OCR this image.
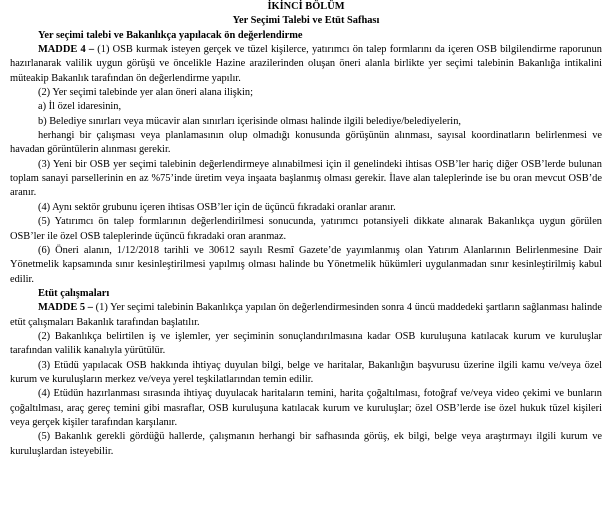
İKİNCİ BÖLÜM
Yer Seçimi Talebi ve Etüt Safhası
Yer seçimi talebi ve Bakanlıkça yapılacak ön değerlendirme

MADDE 4 – (1) OSB kurmak isteyen gerçek ve tüzel kişilerce, yatırımcı ön talep formlarını da içeren OSB bilgilendirme raporunun hazırlanarak valilik uygun görüşü ve öncelikle Hazine arazilerinden oluşan öneri alanla birlikte yer seçimi talebinin Bakanlığa intikalini müteakip Bakanlık tarafından ön değerlendirme yapılır.

(2) Yer seçimi talebinde yer alan öneri alana ilişkin;

a) İl özel idaresinin,

b) Belediye sınırları veya mücavir alan sınırları içerisinde olması halinde ilgili belediye/belediyelerin,

herhangi bir çalışması veya planlamasının olup olmadığı konusunda görüşünün alınması, sayısal koordinatların belirlenmesi ve havadan görüntülerin alınması gerekir.

(3) Yeni bir OSB yer seçimi talebinin değerlendirmeye alınabilmesi için il genelindeki ihtisas OSB’ler hariç diğer OSB’lerde bulunan toplam sanayi parsellerinin en az %75’inde üretim veya inşaata başlanmış olması gerekir. İlave alan taleplerinde ise bu oran mevcut OSB’de aranır.

(4) Aynı sektör grubunu içeren ihtisas OSB’ler için de üçüncü fıkradaki oranlar aranır.

(5) Yatırımcı ön talep formlarının değerlendirilmesi sonucunda, yatırımcı potansiyeli dikkate alınarak Bakanlıkça uygun görülen OSB’ler ile özel OSB taleplerinde üçüncü fıkradaki oran aranmaz.

(6) Öneri alanın, 1/12/2018 tarihli ve 30612 sayılı Resmî Gazete’de yayımlanmış olan Yatırım Alanlarının Belirlenmesine Dair Yönetmelik kapsamında sınır kesinleştirilmesi yapılmış olması halinde bu Yönetmelik hükümleri uygulanmadan sınır kesinleştirilmiş kabul edilir.

Etüt çalışmaları

MADDE 5 – (1) Yer seçimi talebinin Bakanlıkça yapılan ön değerlendirmesinden sonra 4 üncü maddedeki şartların sağlanması halinde etüt çalışmaları Bakanlık tarafından başlatılır.

(2) Bakanlıkça belirtilen iş ve işlemler, yer seçiminin sonuçlandırılmasına kadar OSB kuruluşuna katılacak kurum ve kuruluşlar tarafından valilik kanalıyla yürütülür.

(3) Etüdü yapılacak OSB hakkında ihtiyaç duyulan bilgi, belge ve haritalar, Bakanlığın başvurusu üzerine ilgili kamu ve/veya özel kurum ve kuruluşların merkez ve/veya yerel teşkilatlarından temin edilir.

(4) Etüdün hazırlanması sırasında ihtiyaç duyulacak haritaların temini, harita çoğaltılması, fotoğraf ve/veya video çekimi ve bunların çoğaltılması, araç gereç temini gibi masraflar, OSB kuruluşuna katılacak kurum ve kuruluşlar; özel OSB’lerde ise özel hukuk tüzel kişileri veya gerçek kişiler tarafından karşılanır.

(5) Bakanlık gerekli gördüğü hallerde, çalışmanın herhangi bir safhasında görüş, ek bilgi, belge veya araştırmayı ilgili kurum ve kuruluşlardan isteyebilir.
